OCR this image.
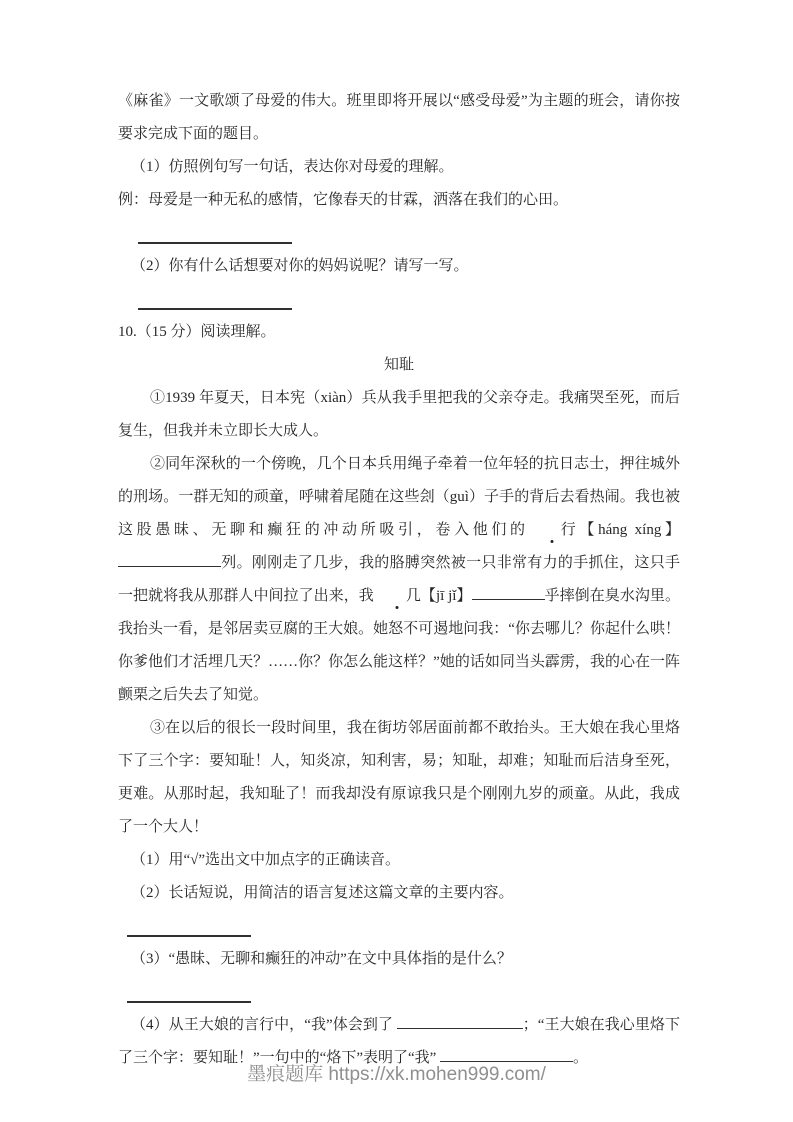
《麻雀》一文歌颂了母爱的伟大。班里即将开展以“感受母爱”为主题的班会，请你按要求完成下面的题目。

（1）仿照例句写一句话，表达你对母爱的理解。

例：母爱是一种无私的感情，它像春天的甘霖，洒落在我们的心田。

（2）你有什么话想要对你的妈妈说呢？请写一写。

10.（15 分）阅读理解。

知耻

①1939 年夏天，日本宪（xiàn）兵从我手里把我的父亲夺走。我痛哭至死，而后复生，但我并未立即长大成人。

②同年深秋的一个傍晚，几个日本兵用绳子牵着一位年轻的抗日志士，押往城外的刑场。一群无知的顽童，呼啸着尾随在这些刽（guì）子手的背后去看热闹。我也被这股愚昧、无聊和癫狂的冲动所吸引，卷入他们的 行【háng xíng】列。刚刚走了几步，我的胳膊突然被一只非常有力的手抓住，这只手一把就将我从那群人中间拉了出来，我 几【jī jǐ】	乎摔倒在臭水沟里。我抬头一看，是邻居卖豆腐的王大娘。她怒不可遏地问我：“你去哪儿？你起什么哄！你爹他们才活埋几天？……你？你怎么能这样？”她的话如同当头霹雳，我的心在一阵颤栗之后失去了知觉。

③在以后的很长一段时间里，我在街坊邻居面前都不敢抬头。王大娘在我心里烙下了三个字：要知耻！人，知炎凉，知利害，易；知耻，却难；知耻而后洁身至死，更难。从那时起，我知耻了！而我却没有原谅我只是个刚刚九岁的顽童。从此，我成了一个大人！

（1）用“√”选出文中加点字的正确读音。

（2）长话短说，用简洁的语言复述这篇文章的主要内容。

（3）“愚昧、无聊和癫狂的冲动”在文中具体指的是什么？

（4）从王大娘的言行中，“我”体会到了	；“王大娘在我心里烙下了三个字：要知耻！”一句中的“烙下”表明了“我”	。

墨痕题库 https://xk.mohen999.com/
